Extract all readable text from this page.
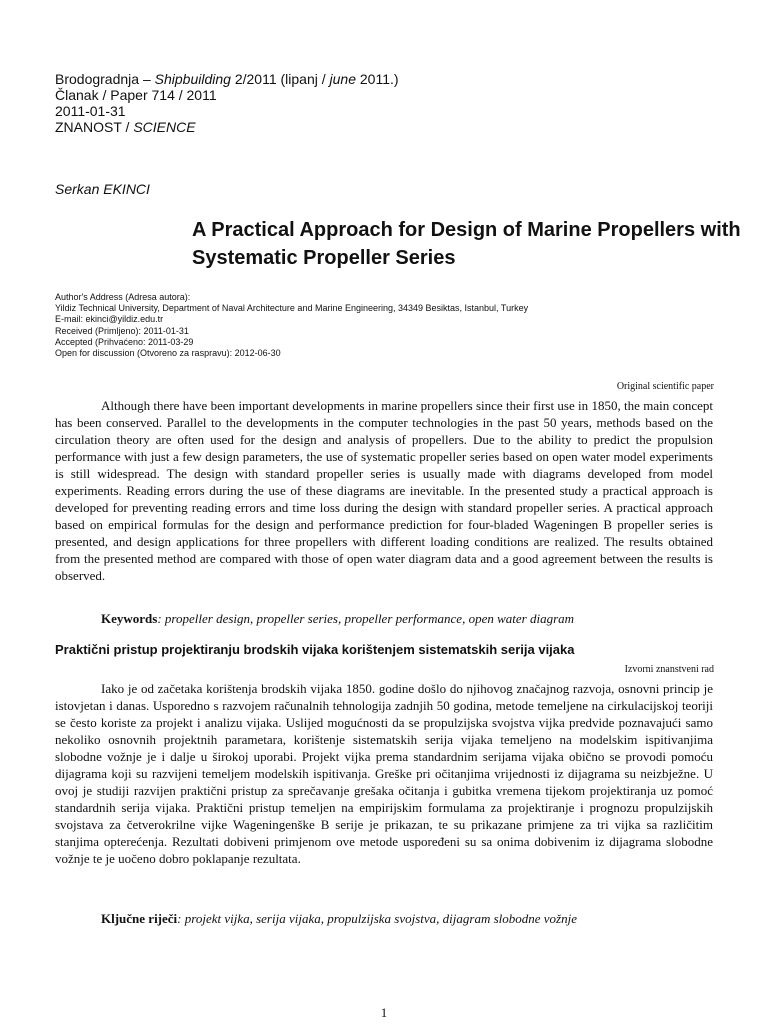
Brodogradnja – Shipbuilding 2/2011 (lipanj / june 2011.)
Članak / Paper 714 / 2011
2011-01-31
ZNANOST / SCIENCE
Serkan EKINCI
A Practical Approach for Design of Marine Propellers with Systematic Propeller Series
Author's Address (Adresa autora):
Yildiz Technical University, Department of Naval Architecture and Marine Engineering, 34349 Besiktas, Istanbul, Turkey
E-mail: ekinci@yildiz.edu.tr
Received (Primljeno): 2011-01-31
Accepted (Prihvaćeno: 2011-03-29
Open for discussion (Otvoreno za raspravu): 2012-06-30
Original scientific paper

Although there have been important developments in marine propellers since their first use in 1850, the main concept has been conserved. Parallel to the developments in the computer technologies in the past 50 years, methods based on the circulation theory are often used for the design and analysis of propellers. Due to the ability to predict the propulsion performance with just a few design parameters, the use of systematic propeller series based on open water model experiments is still widespread. The design with standard propeller series is usually made with diagrams developed from model experiments. Reading errors during the use of these diagrams are inevitable. In the presented study a practical approach is developed for preventing reading errors and time loss during the design with standard propeller series. A practical approach based on empirical formulas for the design and performance prediction for four-bladed Wageningen B propeller series is presented, and design applications for three propellers with different loading conditions are realized. The results obtained from the presented method are compared with those of open water diagram data and a good agreement between the results is observed.

Keywords: propeller design, propeller series, propeller performance, open water diagram
Praktični pristup projektiranju brodskih vijaka korištenjem sistematskih serija vijaka
Izvorni znanstveni rad

Iako je od začetaka korištenja brodskih vijaka 1850. godine došlo do njihovog značajnog razvoja, osnovni princip je istovjetan i danas. Usporedno s razvojem računalnih tehnologija zadnjih 50 godina, metode temeljene na cirkulacijskoj teoriji se često koriste za projekt i analizu vijaka. Uslijed mogućnosti da se propulzijska svojstva vijka predvide poznavajući samo nekoliko osnovnih projektnih parametara, korištenje sistematskih serija vijaka temeljeno na modelskim ispitivanjima slobodne vožnje je i dalje u širokoj uporabi. Projekt vijka prema standardnim serijama vijaka obično se provodi pomoću dijagrama koji su razvijeni temeljem modelskih ispitivanja. Greške pri očitanjima vrijednosti iz dijagrama su neizbježne. U ovoj je studiji razvijen praktični pristup za sprečavanje grešaka očitanja i gubitka vremena tijekom projektiranja uz pomoć standardnih serija vijaka. Praktični pristup temeljen na empirijskim formulama za projektiranje i prognozu propulzijskih svojstava za četverokrilne vijke Wageningenške B serije je prikazan, te su prikazane primjene za tri vijka sa različitim stanjima opterećenja. Rezultati dobiveni primjenom ove metode uspoređeni su sa onima dobivenim iz dijagrama slobodne vožnje te je uočeno dobro poklapanje rezultata.

Ključne riječi: projekt vijka, serija vijaka, propulzijska svojstva, dijagram slobodne vožnje
1
